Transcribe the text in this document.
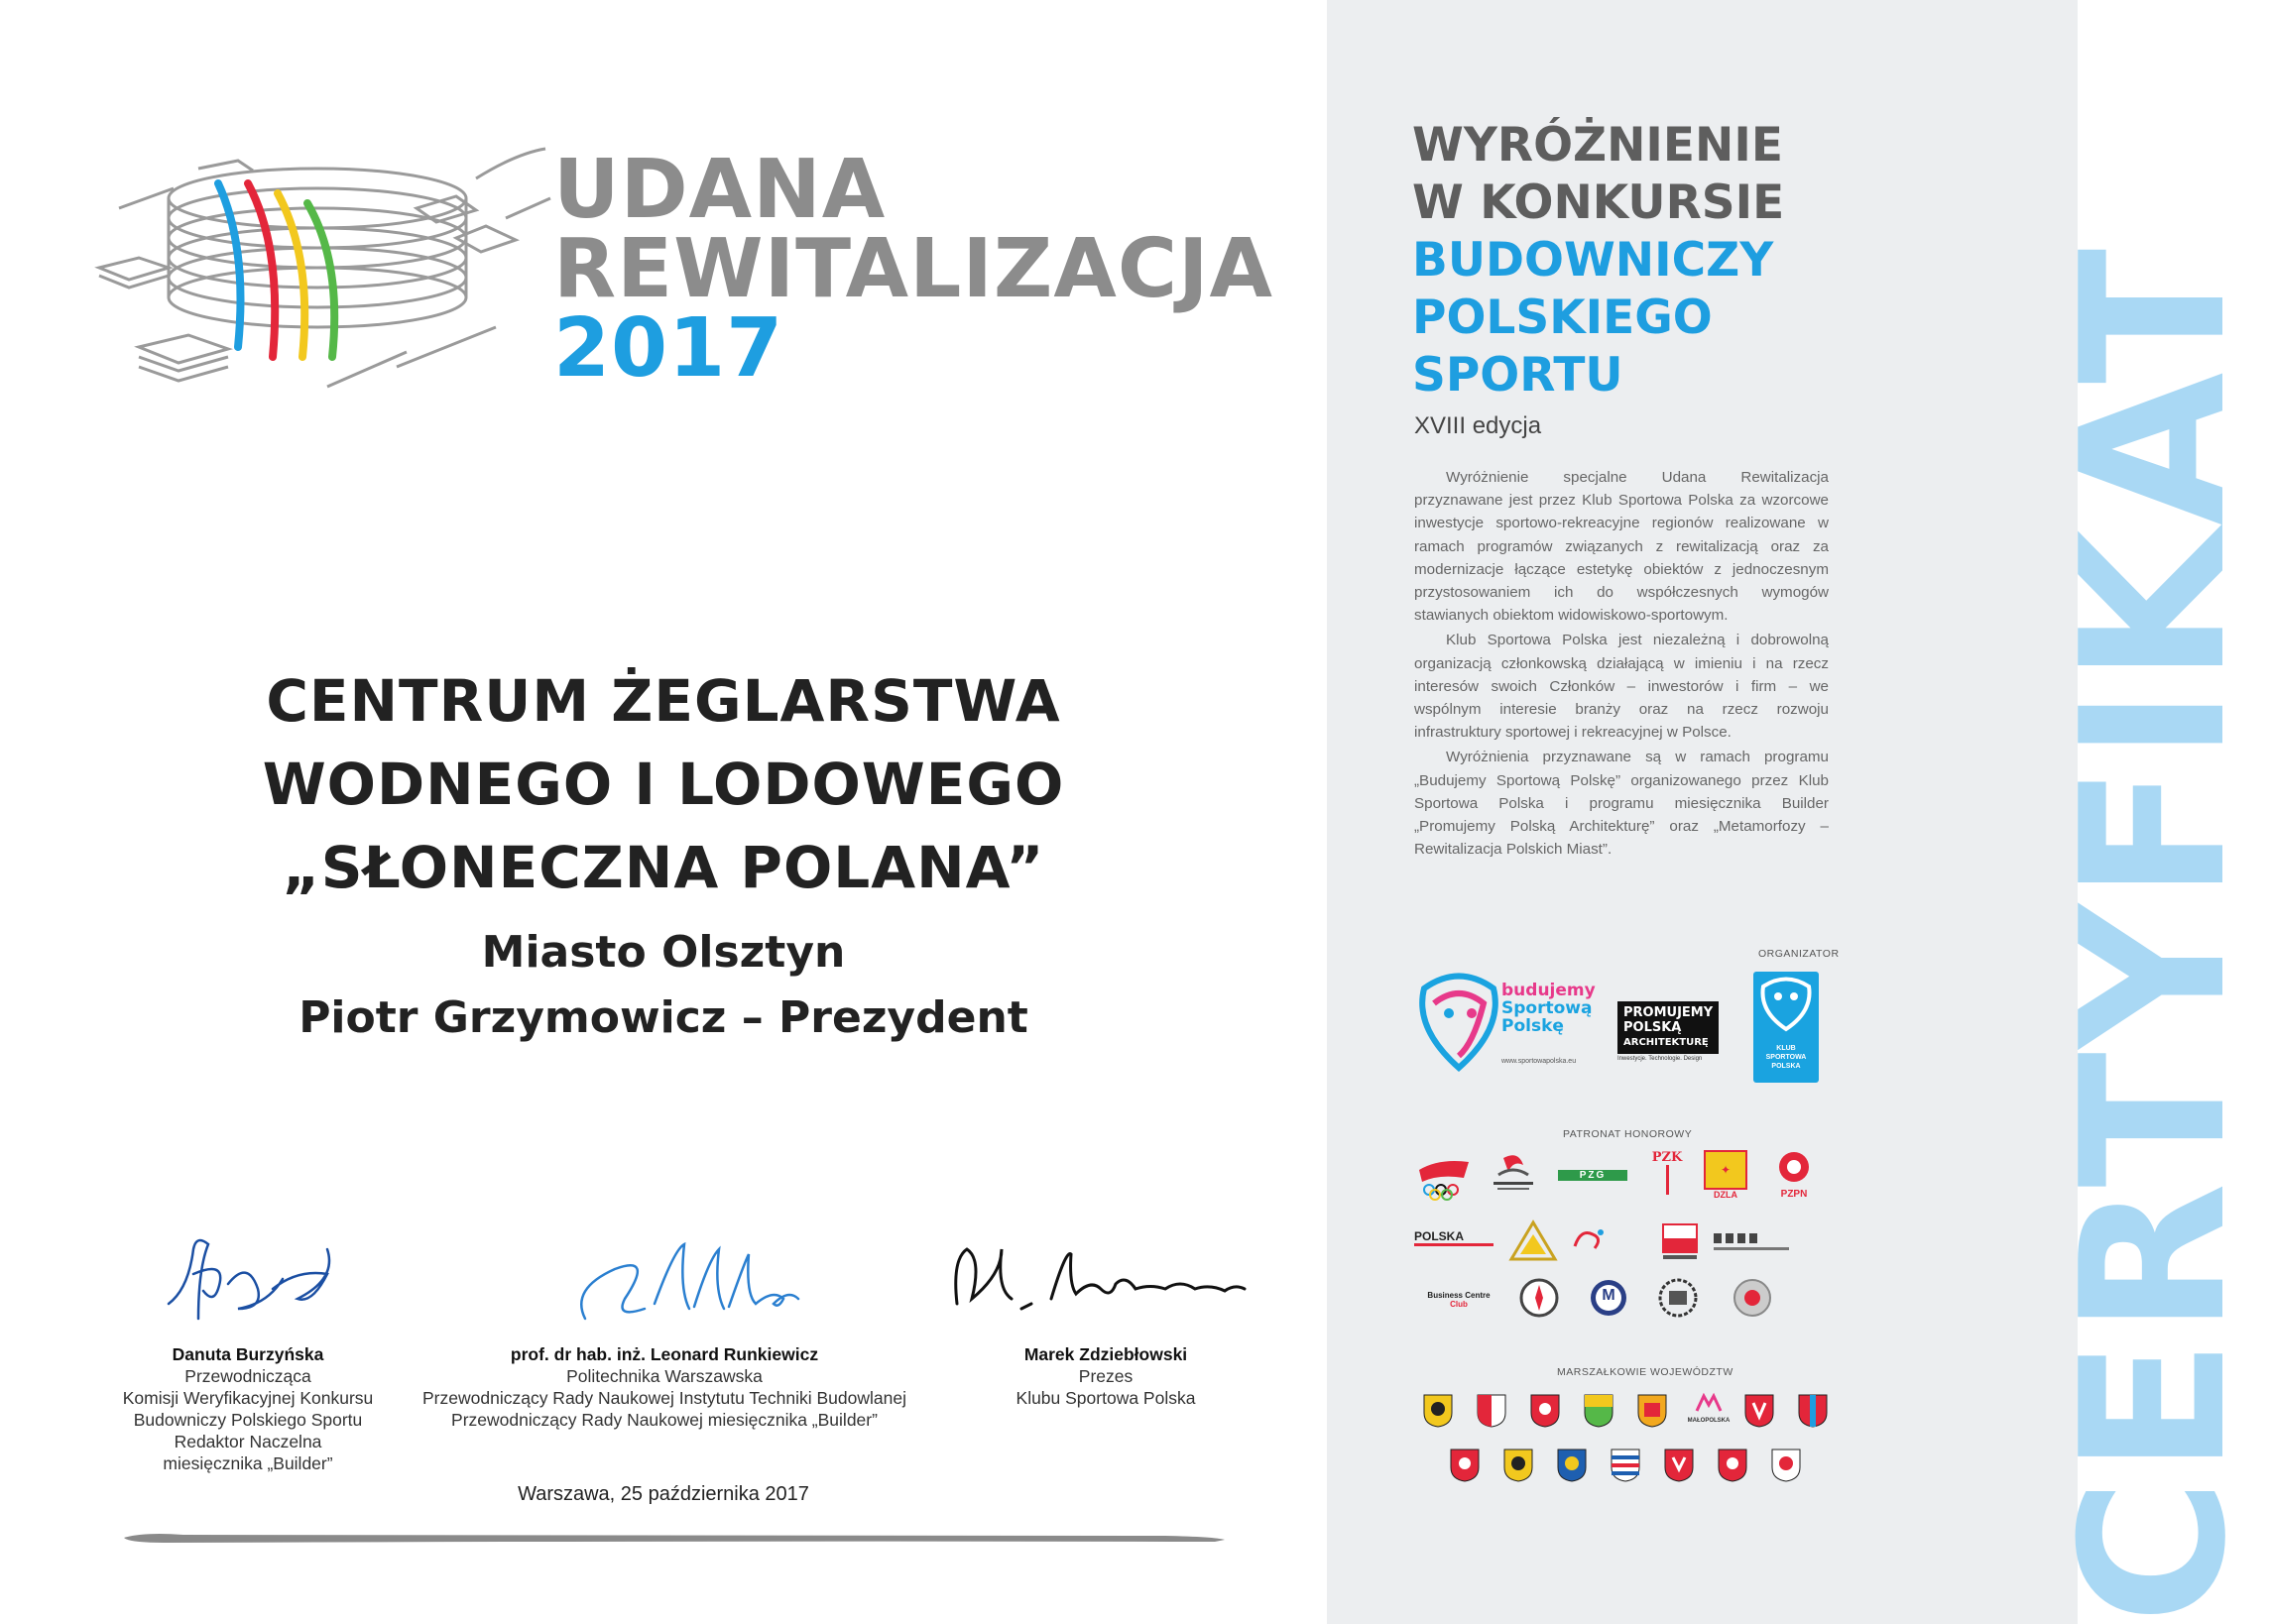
UDANA
REWITALIZACJA
2017
CENTRUM ŻEGLARSTWA
WODNEGO I LODOWEGO
„SŁONECZNA POLANA”
Miasto Olsztyn
Piotr Grzymowicz – Prezydent
Danuta Burzyńska
Przewodnicząca
Komisji Weryfikacyjnej Konkursu
Budowniczy Polskiego Sportu
Redaktor Naczelna
miesięcznika „Builder”
prof. dr hab. inż. Leonard Runkiewicz
Politechnika Warszawska
Przewodniczący Rady Naukowej Instytutu Techniki Budowlanej
Przewodniczący Rady Naukowej miesięcznika „Builder”
Marek Zdziebłowski
Prezes
Klubu Sportowa Polska
Warszawa, 25 października 2017	CERTYFIKAT
WYRÓŻNIENIE
W KONKURSIE
BUDOWNICZY
POLSKIEGO
SPORTU
XVIII edycja

Wyróżnienie specjalne Udana Rewitalizacja przyznawane jest przez Klub Sportowa Polska za wzorcowe inwestycje sportowo-rekreacyjne regionów realizowane w ramach programów związanych z rewitalizacją oraz za modernizacje łączące estetykę obiektów z jednoczesnym przystosowaniem ich do współczesnych wymogów stawianych obiektom widowiskowo-sportowym.

Klub Sportowa Polska jest niezależną i dobrowolną organizacją członkowską działającą w imieniu i na rzecz interesów swoich Członków – inwestorów i firm – we wspólnym interesie branży oraz na rzecz rozwoju infrastruktury sportowej i rekreacyjnej w Polsce.

Wyróżnienia przyznawane są w ramach programu „Budujemy Sportową Polskę” organizowanego przez Klub Sportowa Polska i programu miesięcznika Builder „Promujemy Polską Architekturę” oraz „Metamorfozy – Rewitalizacja Polskich Miast”.

ORGANIZATOR
budujemy
Sportową
Polskę
www.sportowapolska.eu
PROMUJEMY
POLSKĄ
ARCHITEKTURĘ
Inwestycje. Technologie. Design
KLUB
SPORTOWA
POLSKA
PATRONAT HONOROWY
PZG
PZK
✦
DZLA	PZPN
POLSKA
Business Centre
Club
M
MARSZAŁKOWIE WOJEWÓDZTW
MAŁOPOLSKA
